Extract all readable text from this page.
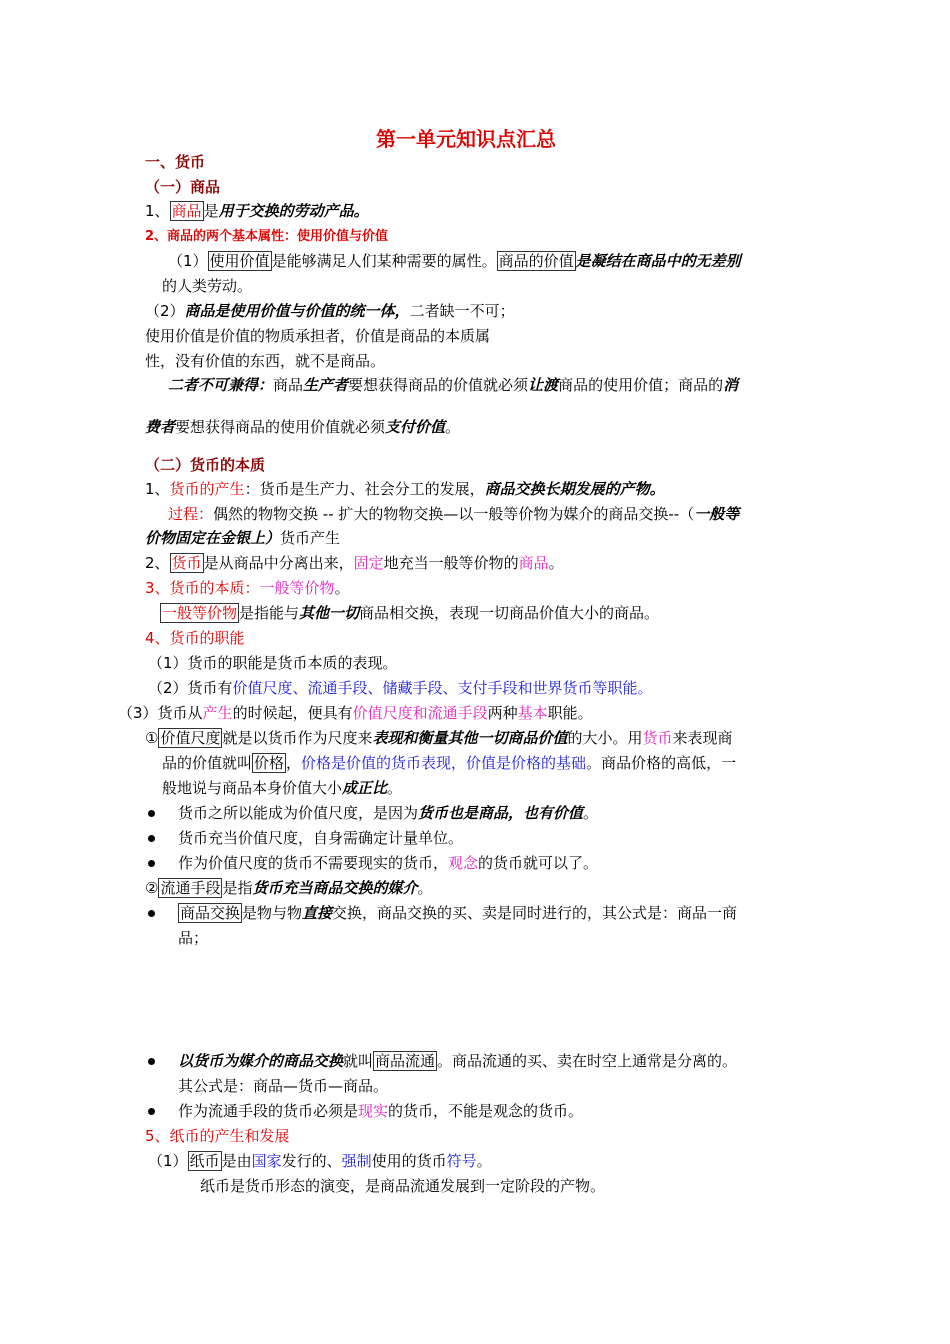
第一单元知识点汇总
一、货币
（一）商品
1、 商品 是用于交换的劳动产品。
2、商品的两个基本属性：使用价值与价值
（1） 使用价值 是能够满足人们某种需要的属性。 商品的价值 是凝结在商品中的无差别
的人类劳动。
（2）商品是使用价值与价值的统一体，二者缺一不可；
使用价值是价值的物质承担者，价值是商品的本质属
性，没有价值的东西，就不是商品。
二者不可兼得：商品生产者要想获得商品的价值就必须让渡商品的使用价值；商品的消
费者要想获得商品的使用价值就必须支付价值。
（二）货币的本质
1、货币的产生：货币是生产力、社会分工的发展，商品交换长期发展的产物。
过程：偶然的物物交换 -- 扩大的物物交换—以一般等价物为媒介的商品交换--（一般等
价物固定在金银上）货币产生
2、 货币 是从商品中分离出来，固定地充当一般等价物的商品。
3、货币的本质：一般等价物。
一般等价物 是指能与其他一切商品相交换，表现一切商品价值大小的商品。
4、货币的职能
（1）货币的职能是货币本质的表现。
（2）货币有价值尺度、流通手段、储藏手段、支付手段和世界货币等职能。
（3）货币从产生的时候起，便具有价值尺度和流通手段两种基本职能。
① 价值尺度 就是以货币作为尺度来表现和衡量其他一切商品价值的大小。用货币来表现商
品的价值就叫 价格 ，价格是价值的货币表现，价值是价格的基础。商品价格的高低，一
般地说与商品本身价值大小成正比。
货币之所以能成为价值尺度，是因为货币也是商品，也有价值。
货币充当价值尺度，自身需确定计量单位。
作为价值尺度的货币不需要现实的货币，观念的货币就可以了。
② 流通手段 是指货币充当商品交换的媒介。
商品交换 是物与物直接交换，商品交换的买、卖是同时进行的，其公式是：商品一商
品；
以货币为媒介的商品交换就叫 商品流通 。商品流通的买、卖在时空上通常是分离的。
其公式是：商品—货币—商品。
作为流通手段的货币必须是现实的货币，不能是观念的货币。
5、纸币的产生和发展
（1） 纸币 是由国家发行的、强制使用的货币符号。
纸币是货币形态的演变，是商品流通发展到一定阶段的产物。
